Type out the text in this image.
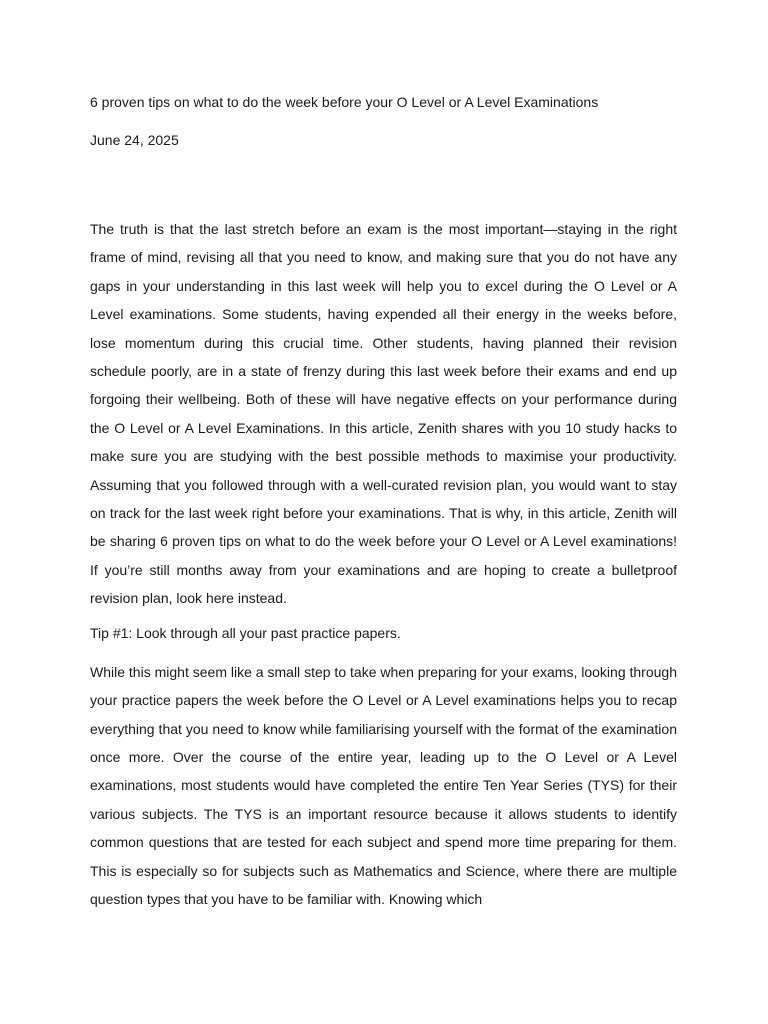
6 proven tips on what to do the week before your O Level or A Level Examinations

June 24, 2025

The truth is that the last stretch before an exam is the most important—staying in the right frame of mind, revising all that you need to know, and making sure that you do not have any gaps in your understanding in this last week will help you to excel during the O Level or A Level examinations. Some students, having expended all their energy in the weeks before, lose momentum during this crucial time. Other students, having planned their revision schedule poorly, are in a state of frenzy during this last week before their exams and end up forgoing their wellbeing. Both of these will have negative effects on your performance during the O Level or A Level Examinations. In this article, Zenith shares with you 10 study hacks to make sure you are studying with the best possible methods to maximise your productivity. Assuming that you followed through with a well-curated revision plan, you would want to stay on track for the last week right before your examinations. That is why, in this article, Zenith will be sharing 6 proven tips on what to do the week before your O Level or A Level examinations! If you’re still months away from your examinations and are hoping to create a bulletproof revision plan, look here instead.

Tip #1: Look through all your past practice papers.

While this might seem like a small step to take when preparing for your exams, looking through your practice papers the week before the O Level or A Level examinations helps you to recap everything that you need to know while familiarising yourself with the format of the examination once more. Over the course of the entire year, leading up to the O Level or A Level examinations, most students would have completed the entire Ten Year Series (TYS) for their various subjects. The TYS is an important resource because it allows students to identify common questions that are tested for each subject and spend more time preparing for them. This is especially so for subjects such as Mathematics and Science, where there are multiple question types that you have to be familiar with. Knowing which
